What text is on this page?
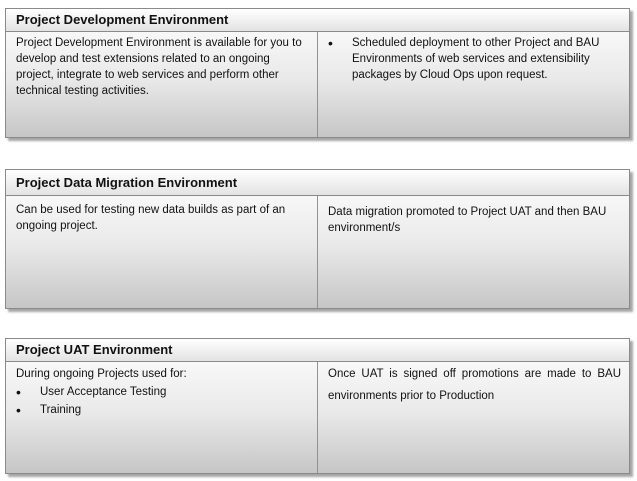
Project Development Environment
Project Development Environment is available for you to develop and test extensions related to an ongoing project, integrate to web services and perform other technical testing activities.
• Scheduled deployment to other Project and BAU Environments of web services and extensibility packages by Cloud Ops upon request.
Project Data Migration Environment
Can be used for testing new data builds as part of an ongoing project.
Data migration promoted to Project UAT and then BAU environment/s
Project UAT Environment
During ongoing Projects used for:
• User Acceptance Testing
• Training
Once UAT is signed off promotions are made to BAU environments prior to Production
